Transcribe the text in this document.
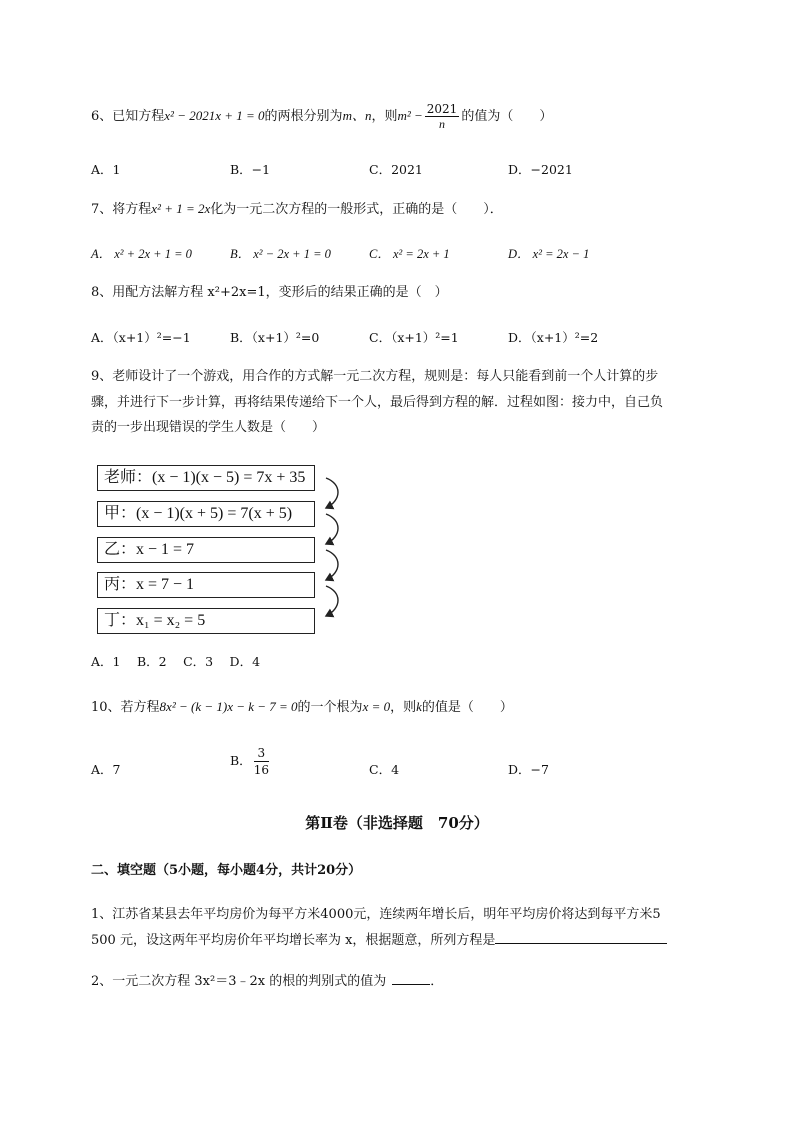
6、已知方程x² − 2021x + 1 = 0的两根分别为m、n，则$m^2 - \frac{2021}{n}$ 的值为（　　）
A．1	B．−1	C．2021	D．−2021
7、将方程x² + 1 = 2x化为一元二次方程的一般形式，正确的是（　　）．
A． x² + 2x + 1 = 0	B． x² − 2x + 1 = 0	C． x² = 2x + 1	D． x² = 2x − 1
8、用配方法解方程 x²+2x=1，变形后的结果正确的是（　）
A．（x+1）²=−1	B．（x+1）²=0	C．（x+1）²=1	D．（x+1）²=2
9、老师设计了一个游戏，用合作的方式解一元二次方程，规则是：每人只能看到前一个人计算的步
骤，并进行下一步计算，再将结果传递给下一个人，最后得到方程的解．过程如图：接力中，自己负
责的一步出现错误的学生人数是（　　）
老师：(x − 1)(x − 5) = 7x + 35
甲：(x − 1)(x + 5) = 7(x + 5)
乙：x − 1 = 7
丙：x = 7 − 1
丁：x₁ = x₂ = 5
A．1　 B．2　 C．3　 D．4
10、若方程8x² − (k − 1)x − k − 7 = 0的一个根为x = 0，则k的值是（　　）
A．7
B． $\frac{3}{16}$	C．4	D．−7
第Ⅱ卷（非选择题　70分）
二、填空题（5小题，每小题4分，共计20分）
1、江苏省某县去年平均房价为每平方米4000元，连续两年增长后，明年平均房价将达到每平方米5
500 元，设这两年平均房价年平均增长率为 x，根据题意，所列方程是
2、一元二次方程 3x²＝3﹣2x 的根的判别式的值为	．
